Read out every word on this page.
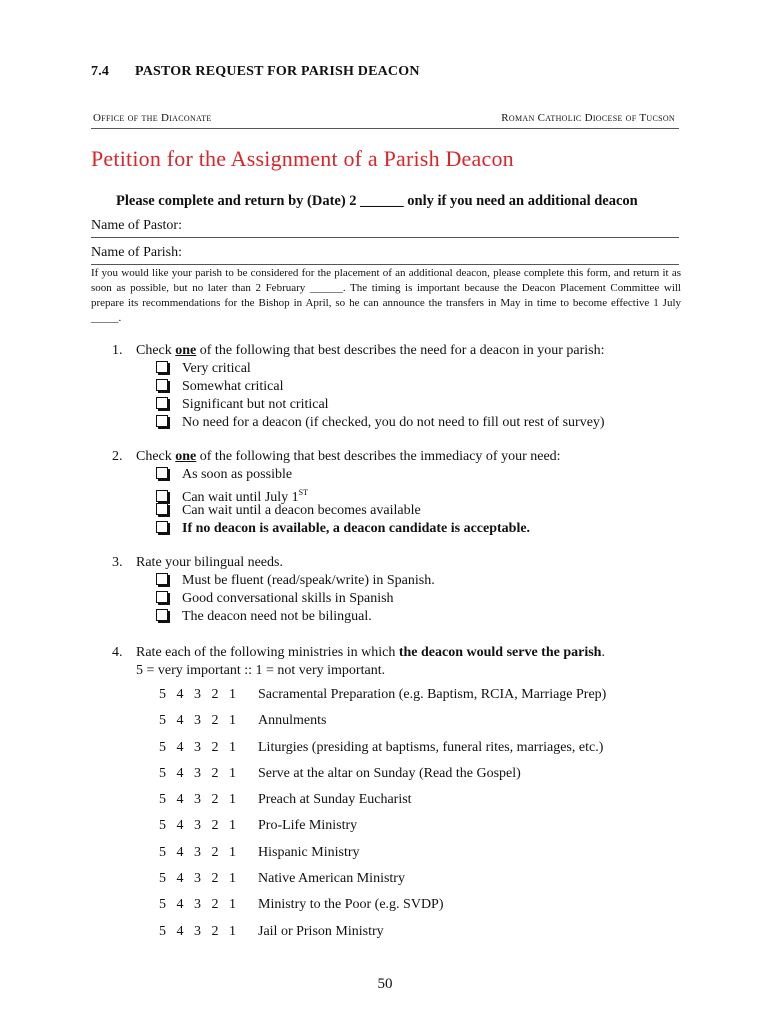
7.4 PASTOR REQUEST FOR PARISH DEACON
Office of the Diaconate	Roman Catholic Diocese of Tucson
Petition for the Assignment of a Parish Deacon
Please complete and return by (Date) 2 ______ only if you need an additional deacon
Name of Pastor:
Name of Parish:
If you would like your parish to be considered for the placement of an additional deacon, please complete this form, and return it as soon as possible, but no later than 2 February ______. The timing is important because the Deacon Placement Committee will prepare its recommendations for the Bishop in April, so he can announce the transfers in May in time to become effective 1 July _____.
1. Check one of the following that best describes the need for a deacon in your parish:
Very critical
Somewhat critical
Significant but not critical
No need for a deacon (if checked, you do not need to fill out rest of survey)
2. Check one of the following that best describes the immediacy of your need:
As soon as possible
Can wait until July 1ST
Can wait until a deacon becomes available
If no deacon is available, a deacon candidate is acceptable.
3. Rate your bilingual needs.
Must be fluent (read/speak/write) in Spanish.
Good conversational skills in Spanish
The deacon need not be bilingual.
4. Rate each of the following ministries in which the deacon would serve the parish.
5 = very important :: 1 = not very important.
5 4 3 2 1 Sacramental Preparation (e.g. Baptism, RCIA, Marriage Prep)
5 4 3 2 1 Annulments
5 4 3 2 1 Liturgies (presiding at baptisms, funeral rites, marriages, etc.)
5 4 3 2 1 Serve at the altar on Sunday (Read the Gospel)
5 4 3 2 1 Preach at Sunday Eucharist
5 4 3 2 1 Pro-Life Ministry
5 4 3 2 1 Hispanic Ministry
5 4 3 2 1 Native American Ministry
5 4 3 2 1 Ministry to the Poor (e.g. SVDP)
5 4 3 2 1 Jail or Prison Ministry
50
